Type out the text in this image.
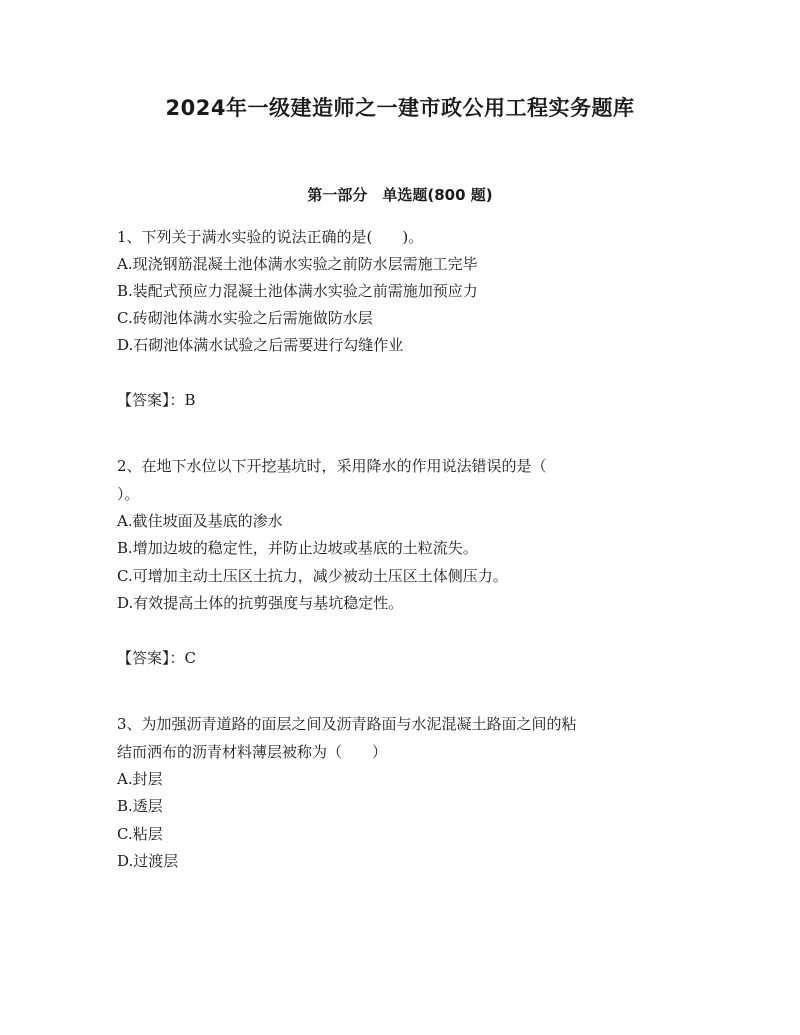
2024年一级建造师之一建市政公用工程实务题库
第一部分　单选题(800 题)

1、下列关于满水实验的说法正确的是(　　)。

A.现浇钢筋混凝土池体满水实验之前防水层需施工完毕

B.装配式预应力混凝土池体满水实验之前需施加预应力

C.砖砌池体满水实验之后需施做防水层

D.石砌池体满水试验之后需要进行勾缝作业

【答案】：B

2、在地下水位以下开挖基坑时，采用降水的作用说法错误的是（

）。

A.截住坡面及基底的渗水

B.增加边坡的稳定性，并防止边坡或基底的土粒流失。

C.可增加主动土压区土抗力，减少被动土压区土体侧压力。

D.有效提高土体的抗剪强度与基坑稳定性。

【答案】：C

3、为加强沥青道路的面层之间及沥青路面与水泥混凝土路面之间的粘

结而洒布的沥青材料薄层被称为（　　）

A.封层

B.透层

C.粘层

D.过渡层
